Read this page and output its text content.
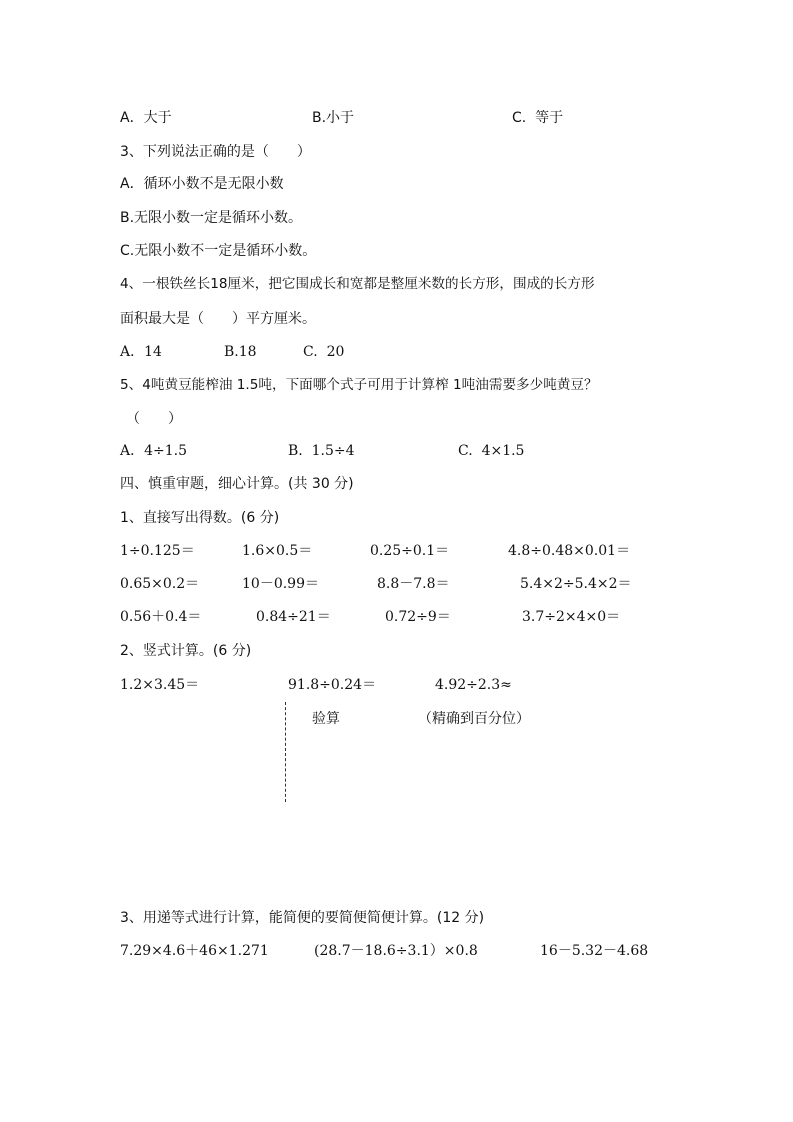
A．大于	B.小于	C.  等于
3、下列说法正确的是（　　）
A．循环小数不是无限小数
B.无限小数一定是循环小数。
C.无限小数不一定是循环小数。
4、一根铁丝长18厘米，把它围成长和宽都是整厘米数的长方形，围成的长方形
面积最大是（　　）平方厘米。
A．14	B.18	C.  20
5、4吨黄豆能榨油 1.5吨，下面哪个式子可用于计算榨 1吨油需要多少吨黄豆？
（　　）
A．4÷1.5	B.  1.5÷4	C.  4×1.5
四、慎重审题，细心计算。(共 30 分)
1、直接写出得数。(6 分)
1÷0.125＝	1.6×0.5＝	0.25÷0.1＝	4.8÷0.48×0.01＝
0.65×0.2＝	10－0.99＝	8.8－7.8＝	5.4×2÷5.4×2＝
0.56＋0.4＝	0.84÷21＝	0.72÷9＝	3.7÷2×4×0＝
2、竖式计算。(6 分)
1.2×3.45＝	91.8÷0.24＝	4.92÷2.3≈
验算	（精确到百分位）
3、用递等式进行计算，能简便的要简便简便计算。(12 分)
7.29×4.6＋46×1.271	(28.7－18.6÷3.1）×0.8	16－5.32－4.68
